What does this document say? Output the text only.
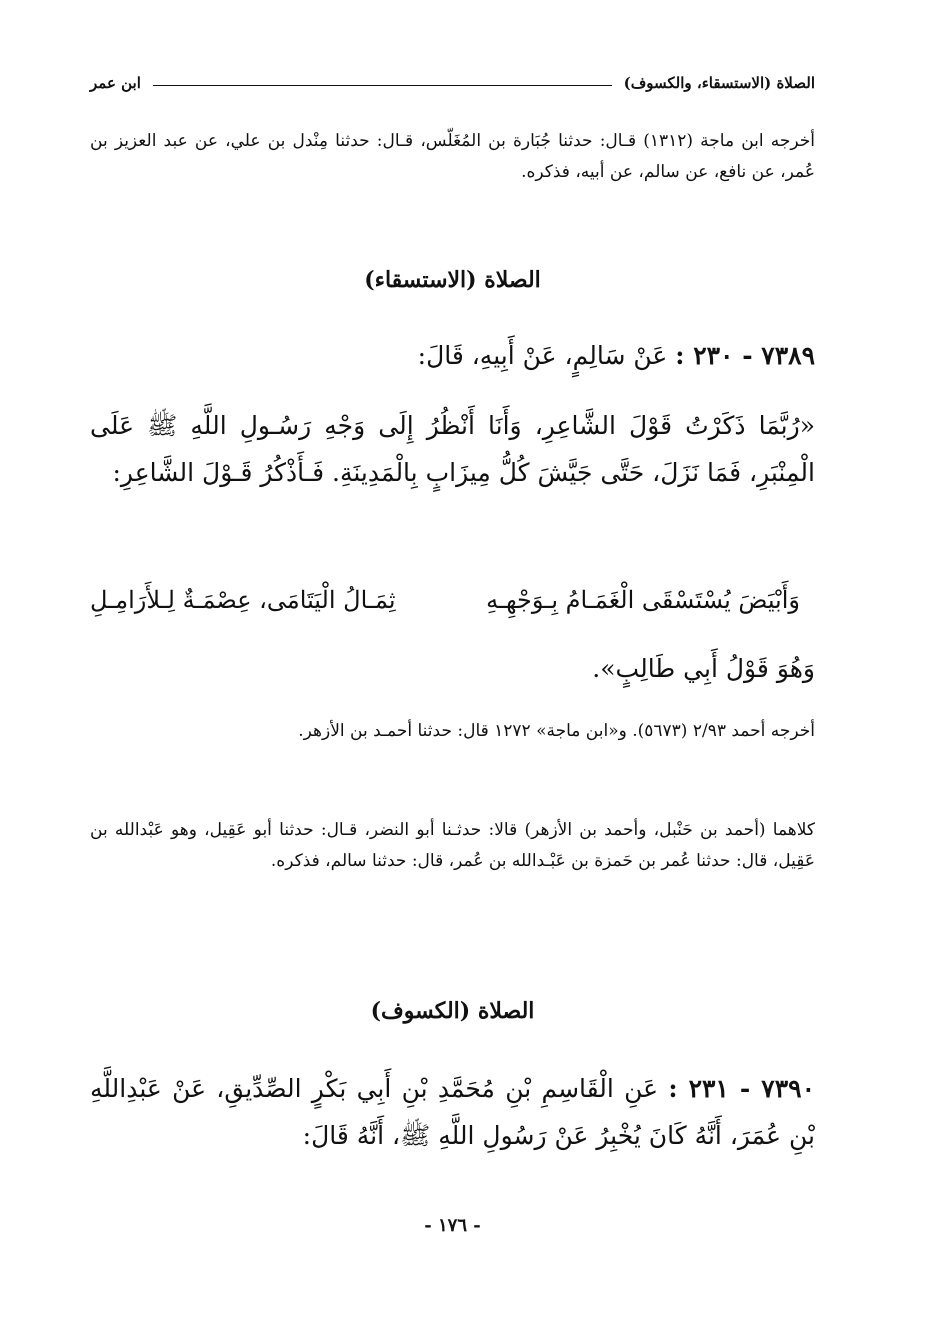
الصلاة (الاستسقاء، والكسوف)
ابن عمر
أخرجه ابن ماجة (١٣١٢) قـال: حدثنا جُبَارة بن المُغَلّس، قـال: حدثنا مِنْدل بن علي، عن عبد العزيز بن عُمر، عن نافع، عن سالم، عن أبيه، فذكره.
الصلاة (الاستسقاء)
٧٣٨٩ - ٢٣٠ : عَنْ سَالِمٍ، عَنْ أَبِيهِ، قَالَ:
«رُبَّمَا ذَكَرْتُ قَوْلَ الشَّاعِرِ، وَأَنَا أَنْظُرُ إِلَى وَجْهِ رَسُـولِ اللَّهِ ﷺ عَلَى الْمِنْبَرِ، فَمَا نَزَلَ، حَتَّى جَيَّشَ كُلُّ مِيزَابٍ بِالْمَدِينَةِ. فَـأَذْكُرُ قَـوْلَ الشَّاعِرِ:
وَأَبْيَضَ يُسْتَسْقَى الْغَمَـامُ بِـوَجْهِـهِ
ثِمَـالُ الْيَتَامَى، عِصْمَـةٌ لِـلأَرَامِـلِ
وَهُوَ قَوْلُ أَبِي طَالِبٍ».
أخرجه أحمد ٢/٩٣ (٥٦٧٣). و«ابن ماجة» ١٢٧٢ قال: حدثنا أحمـد بن الأزهر.
كلاهما (أحمد بن حَنْبل، وأحمد بن الأزهر) قالا: حدثـنا أبو النضر، قـال: حدثنا أبو عَقِيل، وهو عَبْدالله بن عَقِيل، قال: حدثنا عُمر بن حَمزة بن عَبْـدالله بن عُمر، قال: حدثنا سالم، فذكره.
الصلاة (الكسوف)
٧٣٩٠ - ٢٣١ : عَنِ الْقَاسِمِ بْنِ مُحَمَّدِ بْنِ أَبِي بَكْرٍ الصِّدِّيقِ، عَنْ عَبْدِاللَّهِ بْنِ عُمَرَ، أَنَّهُ كَانَ يُخْبِرُ عَنْ رَسُولِ اللَّهِ ﷺ، أَنَّهُ قَالَ:
- ١٧٦ -
